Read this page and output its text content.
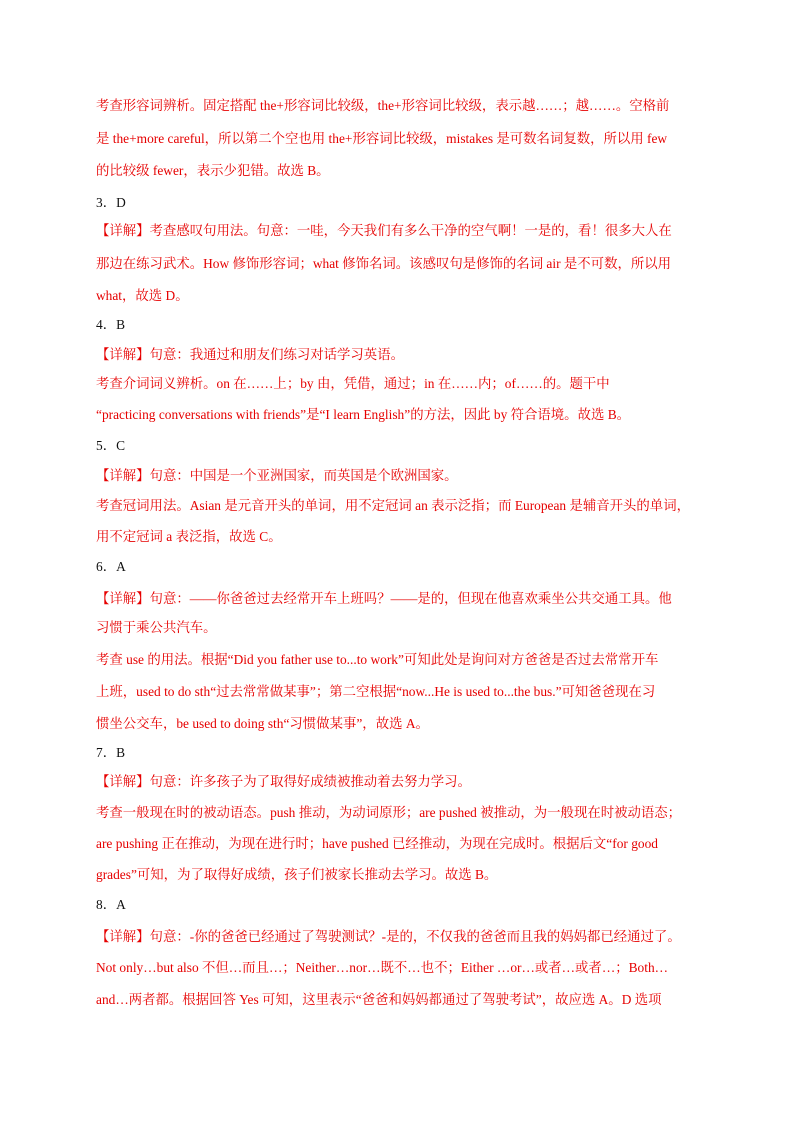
考查形容词辨析。固定搭配 the+形容词比较级，the+形容词比较级，表示越……；越……。空格前
是 the+more careful，所以第二个空也用 the+形容词比较级，mistakes 是可数名词复数，所以用 few
的比较级 fewer，表示少犯错。故选 B。
3．D
【详解】考查感叹句用法。句意：一哇，今天我们有多么干净的空气啊！一是的，看！很多大人在
那边在练习武术。How 修饰形容词；what 修饰名词。该感叹句是修饰的名词 air 是不可数，所以用
what，故选 D。
4．B
【详解】句意：我通过和朋友们练习对话学习英语。
考查介词词义辨析。on 在……上；by 由，凭借，通过；in 在……内；of……的。题干中
“practicing conversations with friends”是“I learn English”的方法，因此 by 符合语境。故选 B。
5．C
【详解】句意：中国是一个亚洲国家，而英国是个欧洲国家。
考查冠词用法。Asian 是元音开头的单词，用不定冠词 an 表示泛指；而 European 是辅音开头的单词，
用不定冠词 a 表泛指，故选 C。
6．A
【详解】句意：——你爸爸过去经常开车上班吗？——是的，但现在他喜欢乘坐公共交通工具。他
习惯于乘公共汽车。
考查 use 的用法。根据“Did you father use to...to work”可知此处是询问对方爸爸是否过去常常开车
上班，used to do sth“过去常常做某事”；第二空根据“now...He is used to...the bus.”可知爸爸现在习
惯坐公交车，be used to doing sth“习惯做某事”，故选 A。
7．B
【详解】句意：许多孩子为了取得好成绩被推动着去努力学习。
考查一般现在时的被动语态。push 推动，为动词原形；are pushed 被推动，为一般现在时被动语态；
are pushing 正在推动，为现在进行时；have pushed 已经推动，为现在完成时。根据后文“for good
grades”可知，为了取得好成绩，孩子们被家长推动去学习。故选 B。
8．A
【详解】句意：-你的爸爸已经通过了驾驶测试？-是的，不仅我的爸爸而且我的妈妈都已经通过了。
Not only…but also 不但…而且…；Neither…nor…既不…也不；Either …or…或者…或者…；Both…
and…两者都。根据回答 Yes 可知，这里表示“爸爸和妈妈都通过了驾驶考试”，故应选 A。D 选项
